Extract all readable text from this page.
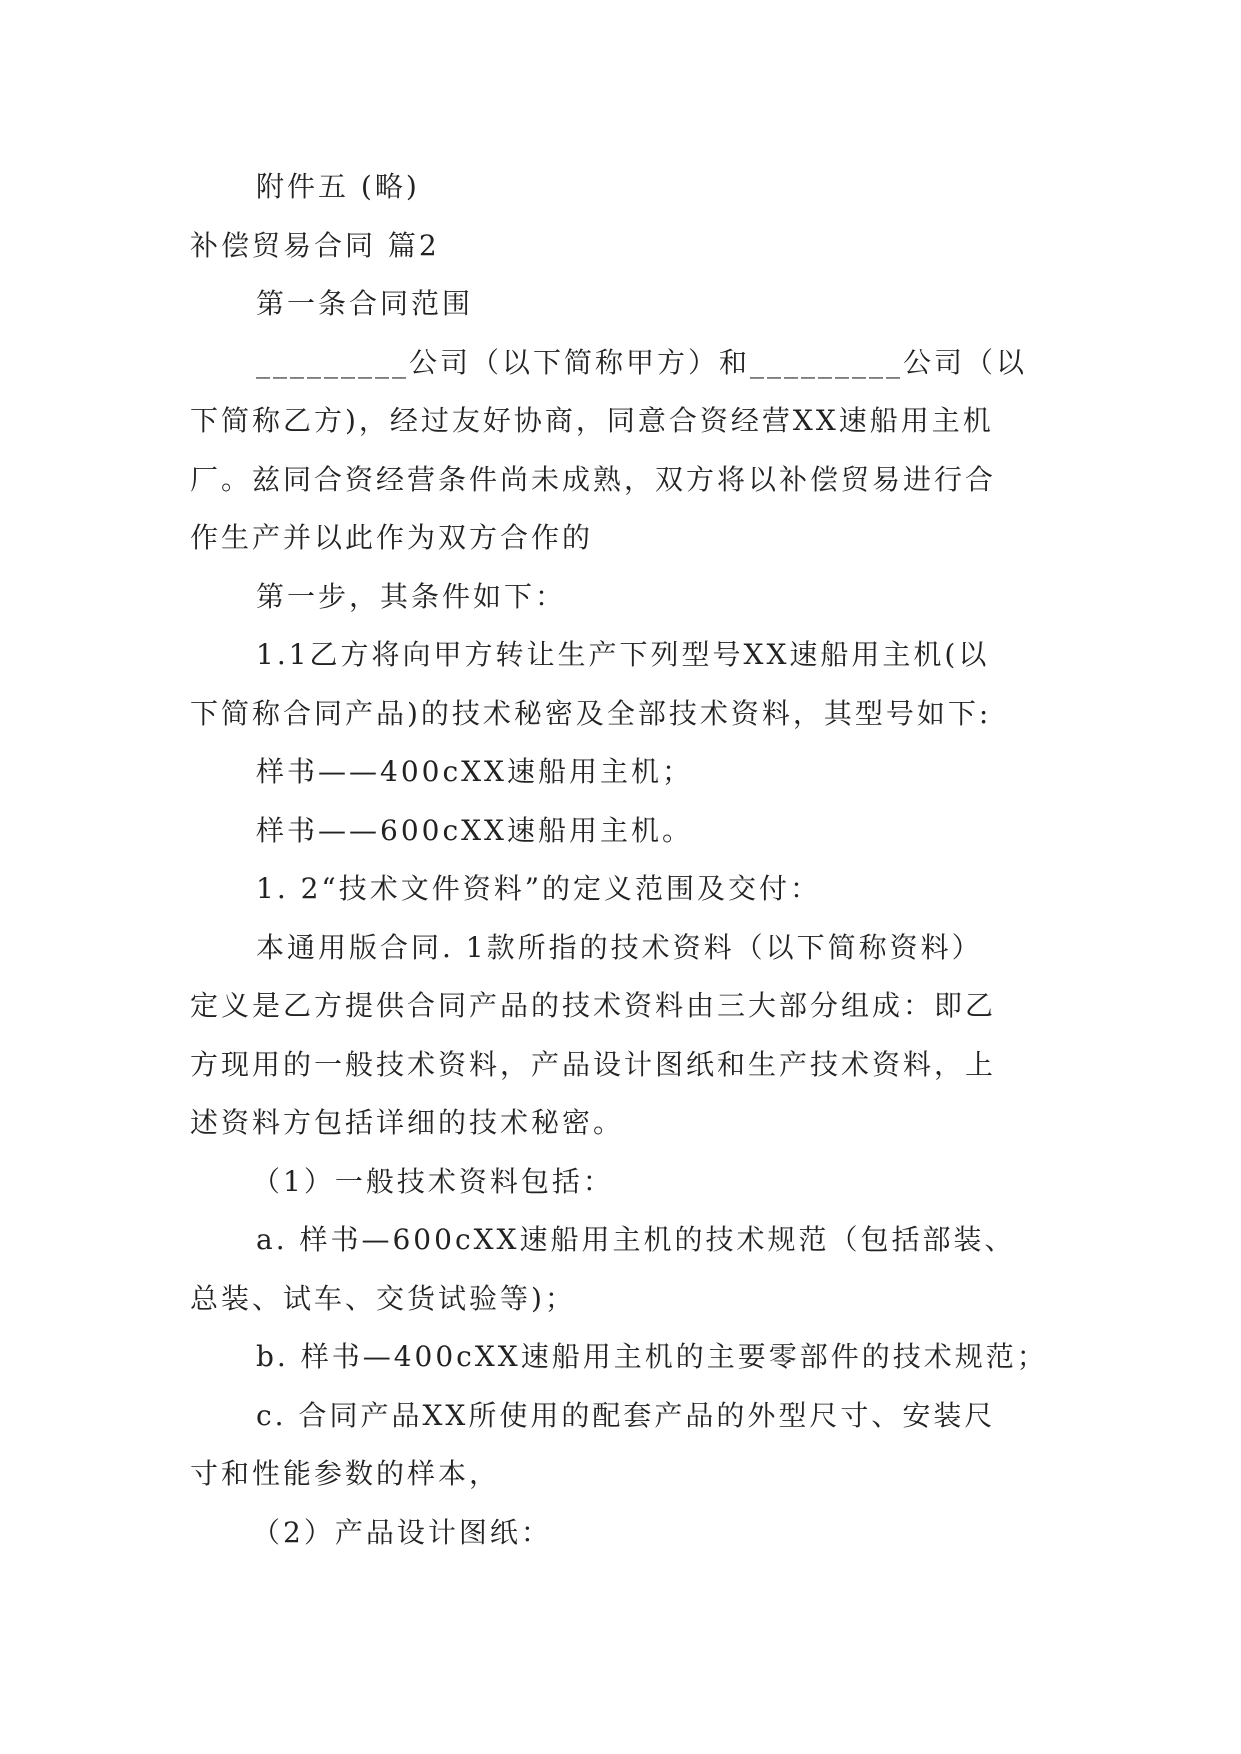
附件五 (略)

补偿贸易合同 篇2

第一条合同范围

_________公司（以下简称甲方）和_________公司（以

下简称乙方)，经过友好协商，同意合资经营XX速船用主机

厂。兹同合资经营条件尚未成熟，双方将以补偿贸易进行合

作生产并以此作为双方合作的

第一步，其条件如下：

1.1乙方将向甲方转让生产下列型号XX速船用主机(以

下简称合同产品)的技术秘密及全部技术资料，其型号如下:

样书——400cXX速船用主机；

样书——600cXX速船用主机。

1. 2“技术文件资料”的定义范围及交付：

本通用版合同. 1款所指的技术资料（以下简称资料）

定义是乙方提供合同产品的技术资料由三大部分组成：即乙

方现用的一般技术资料，产品设计图纸和生产技术资料，上

述资料方包括详细的技术秘密。

（1）一般技术资料包括：

a. 样书—600cXX速船用主机的技术规范（包括部装、

总装、试车、交货试验等)；

b. 样书—400cXX速船用主机的主要零部件的技术规范；

c. 合同产品XX所使用的配套产品的外型尺寸、安装尺

寸和性能参数的样本，

（2）产品设计图纸：
